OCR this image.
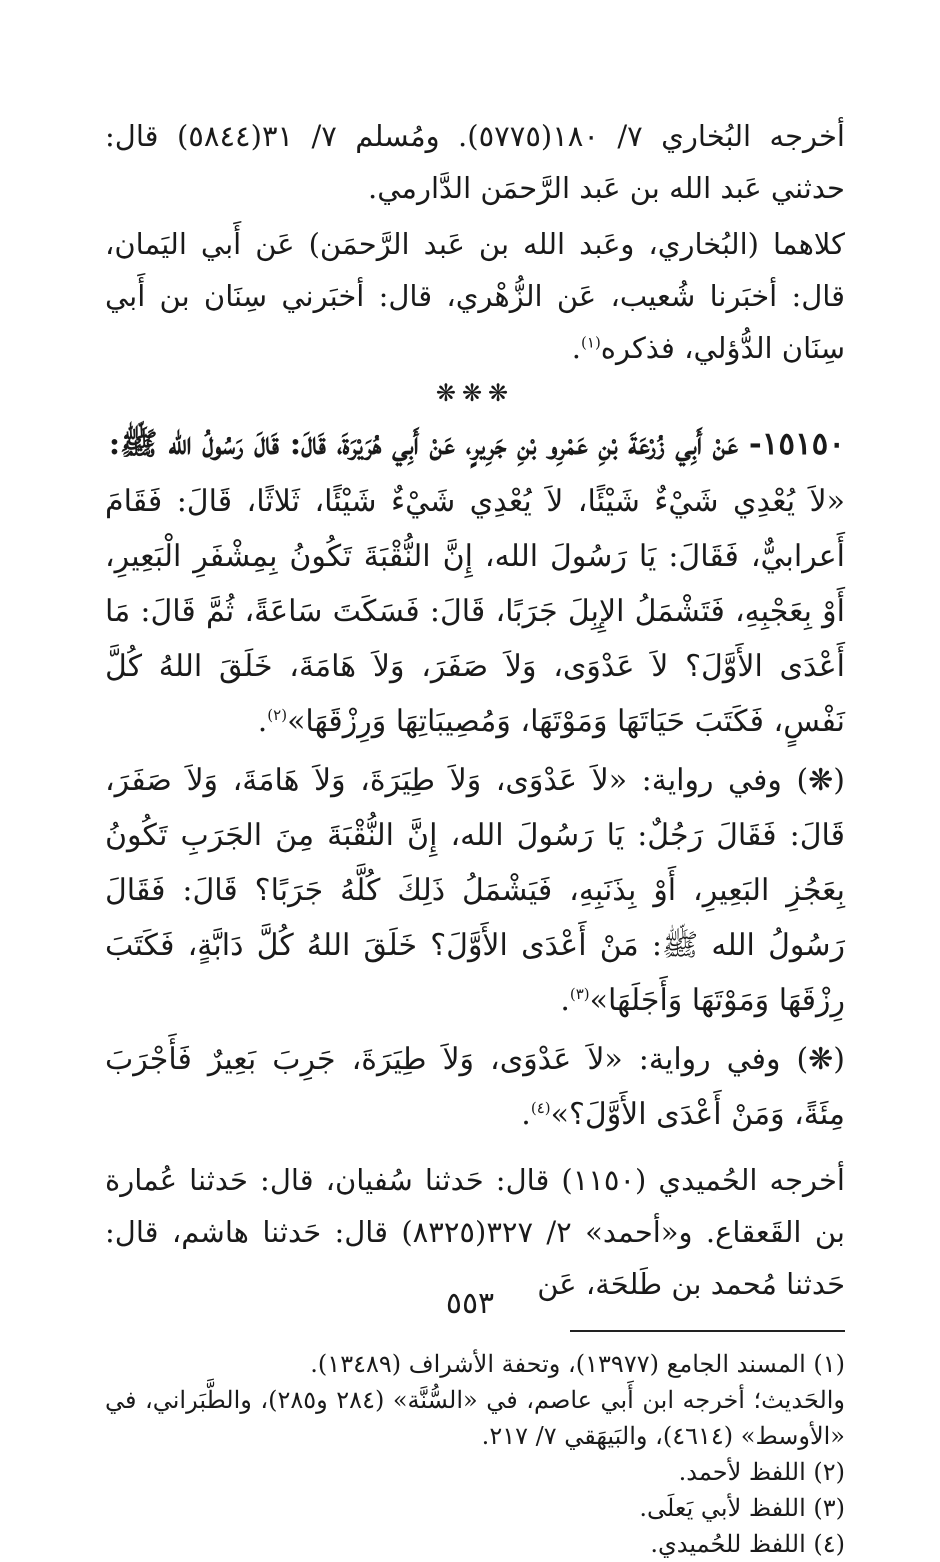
أخرجه البُخاري ٧/ ١٨٠(٥٧٧٥). ومُسلم ٧/ ٣١(٥٨٤٤) قال: حدثني عَبد الله بن عَبد الرَّحمَن الدَّارمي.

كلاهما (البُخاري، وعَبد الله بن عَبد الرَّحمَن) عَن أَبي اليَمان، قال: أخبَرنا شُعيب، عَن الزُّهْري، قال: أخبَرني سِنَان بن أَبي سِنَان الدُّؤلي، فذكره$^{(١)}$.

❋❋❋

١٥١٥٠- عَنْ أَبِي زُرْعَةَ بْنِ عَمْرِو بْنِ جَرِيرٍ، عَنْ أَبِي هُرَيْرَةَ، قَالَ: قَالَ رَسُولُ الله ﷺ:

«لاَ يُعْدِي شَيْءٌ شَيْئًا، لاَ يُعْدِي شَيْءٌ شَيْئًا، ثَلاثًا، قَالَ: فَقَامَ أَعرابيٌّ، فَقَالَ: يَا رَسُولَ الله، إِنَّ النُّقْبَةَ تَكُونُ بِمِشْفَرِ الْبَعِيرِ، أَوْ بِعَجْبِهِ، فَتَشْمَلُ الإِبِلَ جَرَبًا، قَالَ: فَسَكَتَ سَاعَةً، ثُمَّ قَالَ: مَا أَعْدَى الأَوَّلَ؟ لاَ عَدْوَى، وَلاَ صَفَرَ، وَلاَ هَامَةَ، خَلَقَ اللهُ كُلَّ نَفْسٍ، فَكَتَبَ حَيَاتَهَا وَمَوْتَهَا، وَمُصِيبَاتِهَا وَرِزْقَهَا»$^{(٢)}$.

(❋) وفي رواية: «لاَ عَدْوَى، وَلاَ طِيَرَةَ، وَلاَ هَامَةَ، وَلاَ صَفَرَ، قَالَ: فَقَالَ رَجُلٌ: يَا رَسُولَ الله، إِنَّ النُّقْبَةَ مِنَ الجَرَبِ تَكُونُ بِعَجُزِ البَعِيرِ، أَوْ بِذَنَبِهِ، فَيَشْمَلُ ذَلِكَ كُلَّهُ جَرَبًا؟ قَالَ: فَقَالَ رَسُولُ الله ﷺ: مَنْ أَعْدَى الأَوَّلَ؟ خَلَقَ اللهُ كُلَّ دَابَّةٍ، فَكَتَبَ رِزْقَهَا وَمَوْتَهَا وَأَجَلَهَا»$^{(٣)}$.

(❋) وفي رواية: «لاَ عَدْوَى، وَلاَ طِيَرَةَ، جَرِبَ بَعِيرٌ فَأَجْرَبَ مِئَةً، وَمَنْ أَعْدَى الأَوَّلَ؟»$^{(٤)}$.

أخرجه الحُميدي (١١٥٠) قال: حَدثنا سُفيان، قال: حَدثنا عُمارة بن القَعقاع. و«أحمد» ٢/ ٣٢٧(٨٣٢٥) قال: حَدثنا هاشم، قال: حَدثنا مُحمد بن طَلحَة، عَن

(١) المسند الجامع (١٣٩٧٧)، وتحفة الأشراف (١٣٤٨٩).

والحَديث؛ أخرجه ابن أَبي عاصم، في «السُّنَّة» (٢٨٤ و٢٨٥)، والطَّبَراني، في «الأوسط» (٤٦١٤)، والبَيهَقي ٧/ ٢١٧.

(٢) اللفظ لأحمد.

(٣) اللفظ لأبي يَعلَى.

(٤) اللفظ للحُميدي.

٥٥٣
